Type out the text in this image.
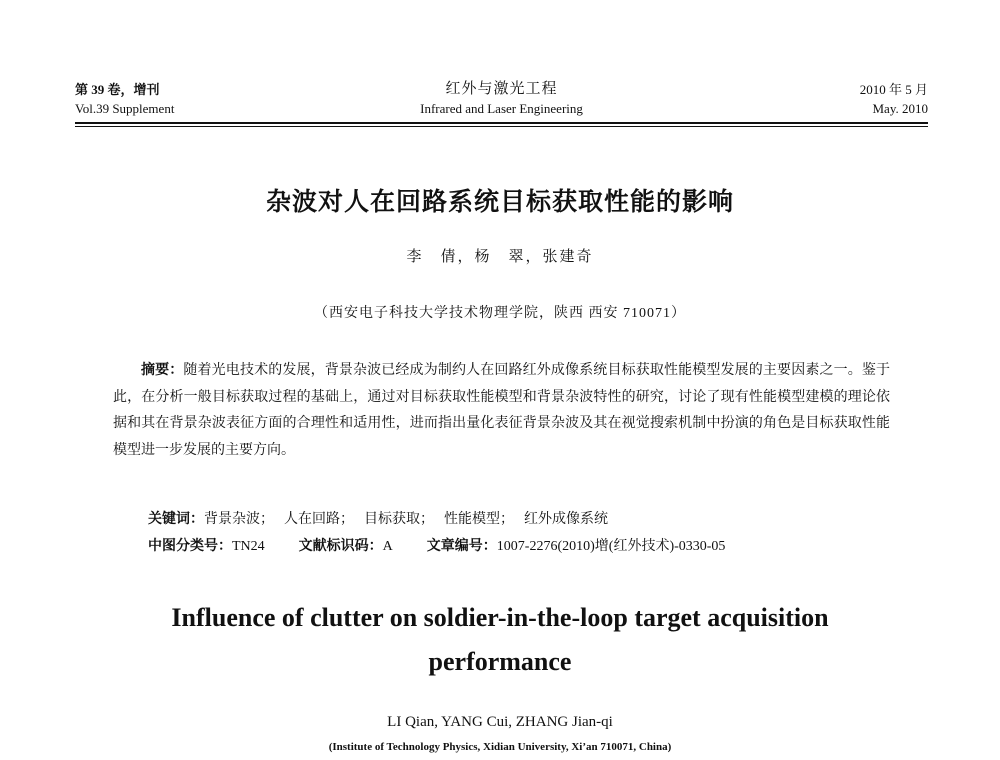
第 39 卷，增刊
Vol.39 Supplement
红外与激光工程
Infrared and Laser Engineering
2010 年 5 月
May. 2010
杂波对人在回路系统目标获取性能的影响
李　倩，杨　翠，张建奇
（西安电子科技大学技术物理学院，陕西 西安 710071）

摘要：随着光电技术的发展，背景杂波已经成为制约人在回路红外成像系统目标获取性能模型发展的主要因素之一。鉴于此，在分析一般目标获取过程的基础上，通过对目标获取性能模型和背景杂波特性的研究，讨论了现有性能模型建模的理论依据和其在背景杂波表征方面的合理性和适用性，进而指出量化表征背景杂波及其在视觉搜索机制中扮演的角色是目标获取性能模型进一步发展的主要方向。

关键词：背景杂波； 人在回路； 目标获取； 性能模型； 红外成像系统
中图分类号：TN24 文献标识码：A 文章编号：1007-2276(2010)增(红外技术)-0330-05
Influence of clutter on soldier-in-the-loop target acquisition
performance
LI Qian, YANG Cui, ZHANG Jian-qi
(Institute of Technology Physics, Xidian University, Xi’an 710071, China)
